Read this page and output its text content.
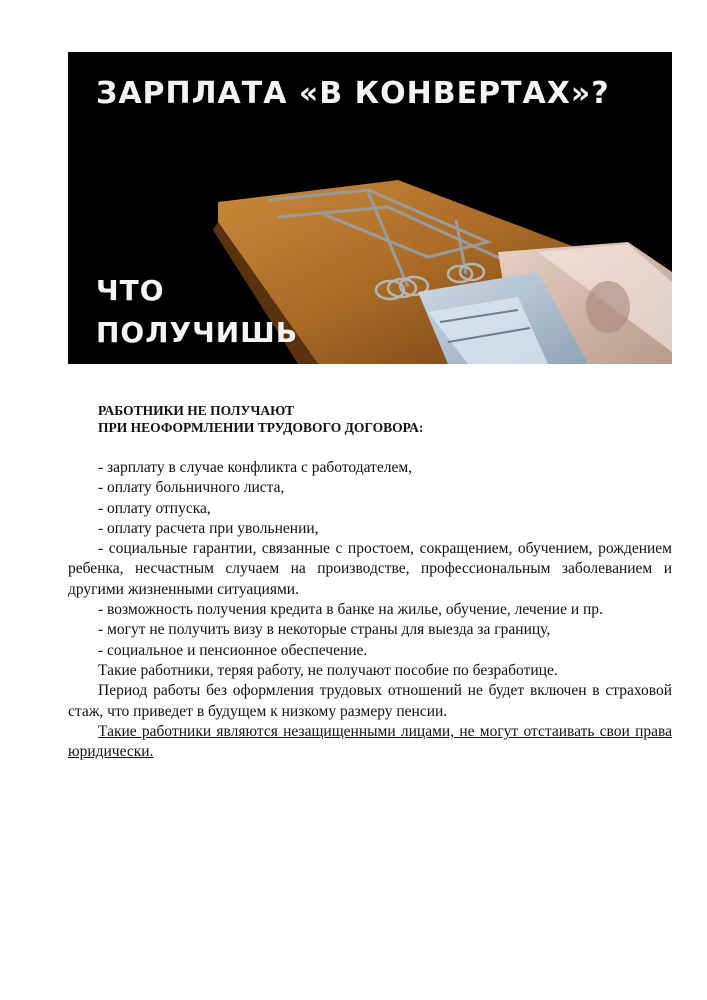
ЗАРПЛАТА «В КОНВЕРТАХ»?
ЧТО
ПОЛУЧИШЬ
РАБОТНИКИ НЕ ПОЛУЧАЮТ
ПРИ НЕОФОРМЛЕНИИ ТРУДОВОГО ДОГОВОРА:

- зарплату в случае конфликта с работодателем,

- оплату больничного листа,

- оплату отпуска,

- оплату расчета при увольнении,

- социальные гарантии, связанные с простоем, сокращением, обучением, рождением ребенка, несчастным случаем на производстве, профессиональным заболеванием и другими жизненными ситуациями.

- возможность получения кредита в банке на жилье, обучение, лечение и пр.

- могут не получить визу в некоторые страны для выезда за границу,

- социальное и пенсионное обеспечение.

Такие работники, теряя работу, не получают пособие по безработице.

Период работы без оформления трудовых отношений не будет включен в страховой стаж, что приведет в будущем к низкому размеру пенсии.

Такие работники являются незащищенными лицами, не могут отстаивать свои права юридически.
